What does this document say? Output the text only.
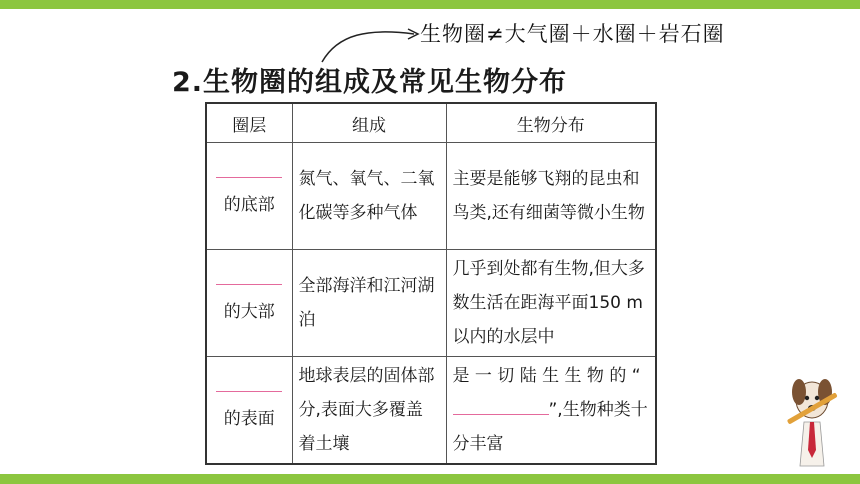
生物圈≠大气圈＋水圈＋岩石圈
2.生物圈的组成及常见生物分布
圈层	组成	生物分布

的底部	氮气、氧气、二氧化碳等多种气体	主要是能够飞翔的昆虫和鸟类,还有细菌等微小生物

的大部	全部海洋和江河湖泊	几乎到处都有生物,但大多数生活在距海平面150 m 以内的水层中

的表面	地球表层的固体部分,表面大多覆盖着土壤	是 一 切 陆 生 生 物 的 “”,生物种类十分丰富
